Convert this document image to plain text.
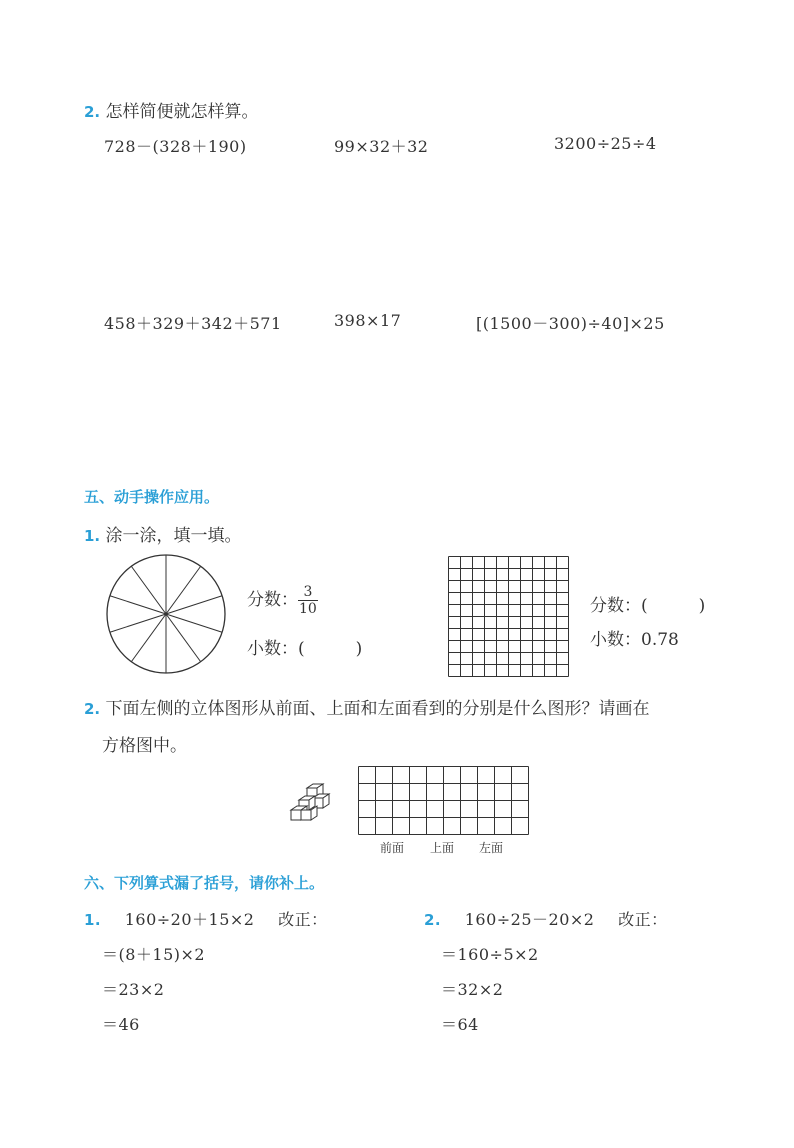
2. 怎样简便就怎样算。
728－(328＋190)	99×32＋32	3200÷25÷4
458＋329＋342＋571	398×17	[(1500－300)÷40]×25
五、动手操作应用。
1. 涂一涂，填一填。
分数： $\frac{3}{10}$
小数：(　　　)
分数：(　　　)
小数：0.78
2. 下面左侧的立体图形从前面、上面和左面看到的分别是什么图形？请画在
方格图中。
前面 上面 左面
六、下列算式漏了括号，请你补上。
1. 160÷20＋15×2 改正：
＝(8＋15)×2
＝23×2
＝46
2. 160÷25－20×2 改正：
＝160÷5×2
＝32×2
＝64
